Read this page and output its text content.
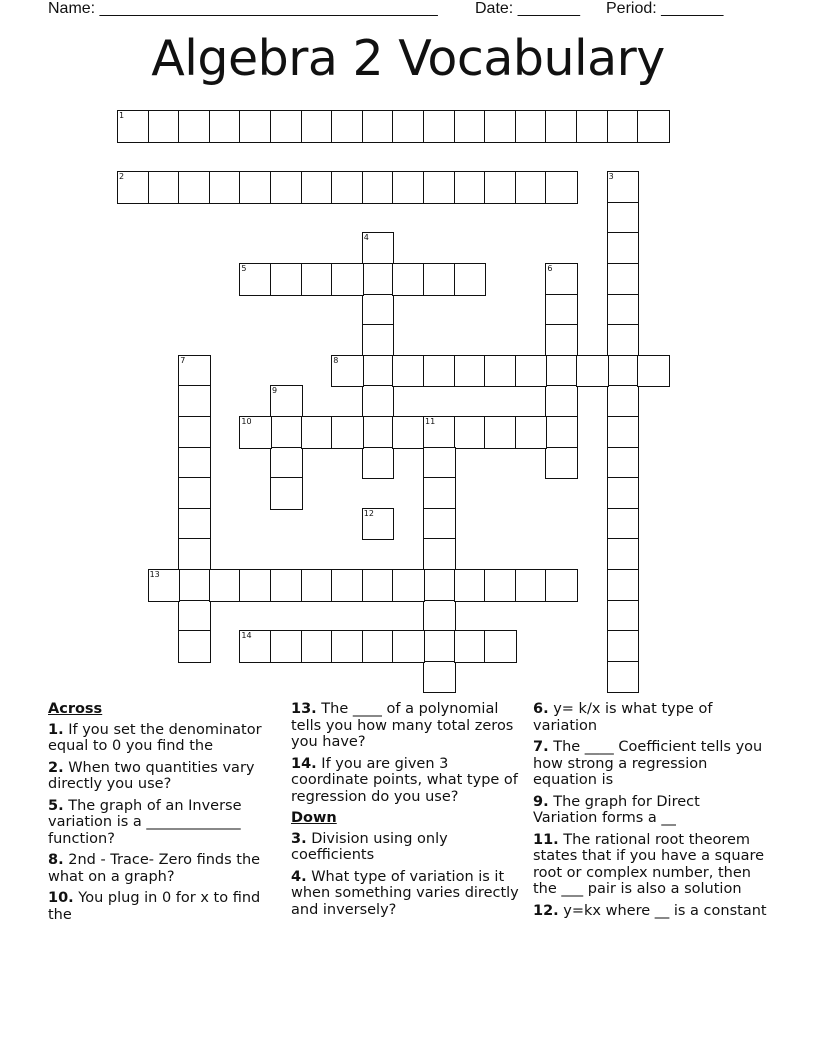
Name: ______________________________________ Date: _______ Period: _______
Algebra 2 Vocabulary
1
2	3
4
5	6
7	8
9
10	11
12
13
14
Across

1. If you set the denominator equal to 0 you find the

2. When two quantities vary directly you use?

5. The graph of an Inverse variation is a _____________ function?

8. 2nd - Trace- Zero finds the what on a graph?

10. You plug in 0 for x to find the

13. The ____ of a polynomial tells you how many total zeros you have?

14. If you are given 3 coordinate points, what type of regression do you use?

Down

3. Division using only coefficients

4. What type of variation is it when something varies directly and inversely?

6. y= k/x is what type of variation

7. The ____ Coefficient tells you how strong a regression equation is

9. The graph for Direct Variation forms a __

11. The rational root theorem states that if you have a square root or complex number, then the ___ pair is also a solution

12. y=kx where __ is a constant
